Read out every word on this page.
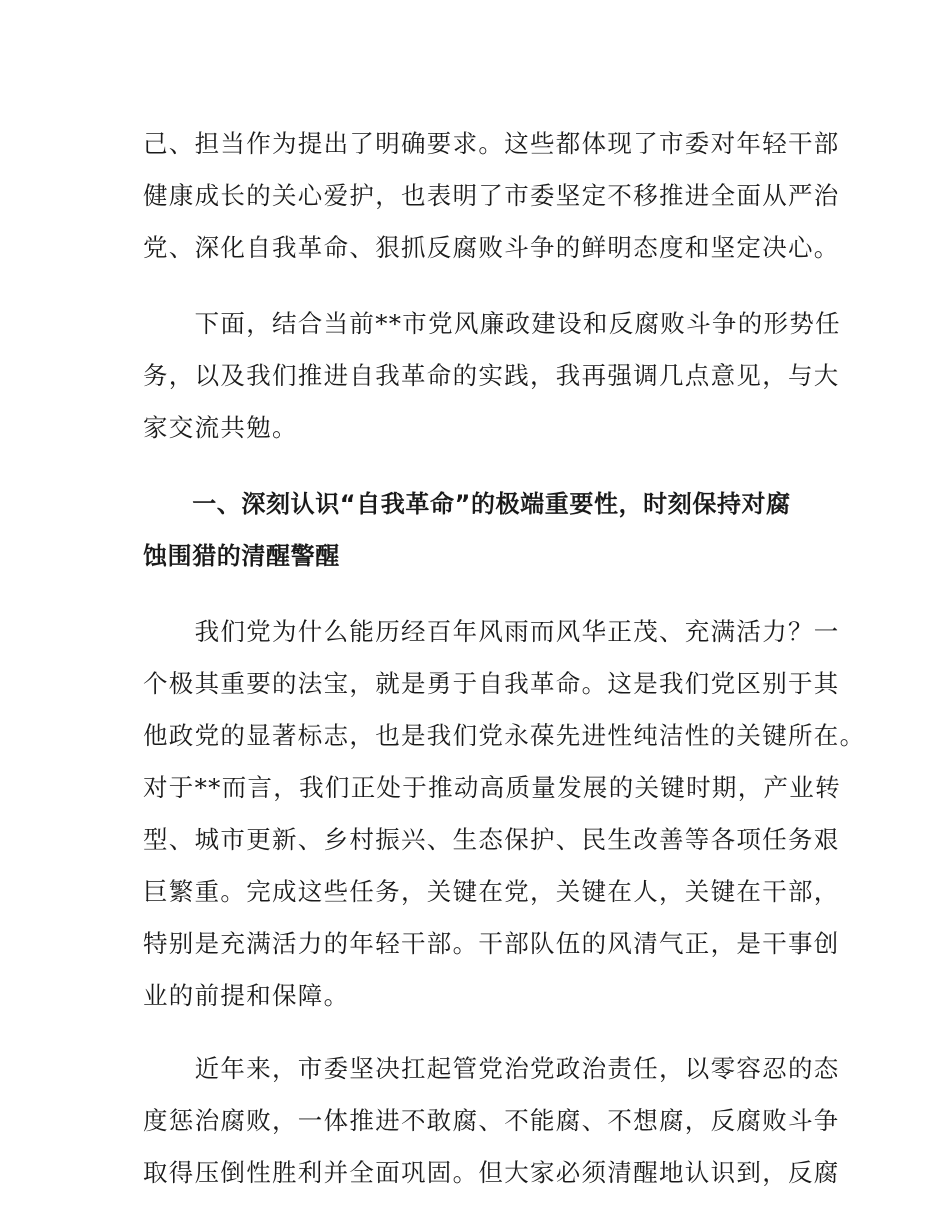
己、担当作为提出了明确要求。这些都体现了市委对年轻干部
健康成长的关心爱护，也表明了市委坚定不移推进全面从严治
党、深化自我革命、狠抓反腐败斗争的鲜明态度和坚定决心。
　　下面，结合当前**市党风廉政建设和反腐败斗争的形势任
务，以及我们推进自我革命的实践，我再强调几点意见，与大
家交流共勉。
　　一、深刻认识“自我革命”的极端重要性，时刻保持对腐
蚀围猎的清醒警醒
　　我们党为什么能历经百年风雨而风华正茂、充满活力？一
个极其重要的法宝，就是勇于自我革命。这是我们党区别于其
他政党的显著标志，也是我们党永葆先进性纯洁性的关键所在。
对于**而言，我们正处于推动高质量发展的关键时期，产业转
型、城市更新、乡村振兴、生态保护、民生改善等各项任务艰
巨繁重。完成这些任务，关键在党，关键在人，关键在干部，
特别是充满活力的年轻干部。干部队伍的风清气正，是干事创
业的前提和保障。
　　近年来，市委坚决扛起管党治党政治责任，以零容忍的态
度惩治腐败，一体推进不敢腐、不能腐、不想腐，反腐败斗争
取得压倒性胜利并全面巩固。但大家必须清醒地认识到，反腐
